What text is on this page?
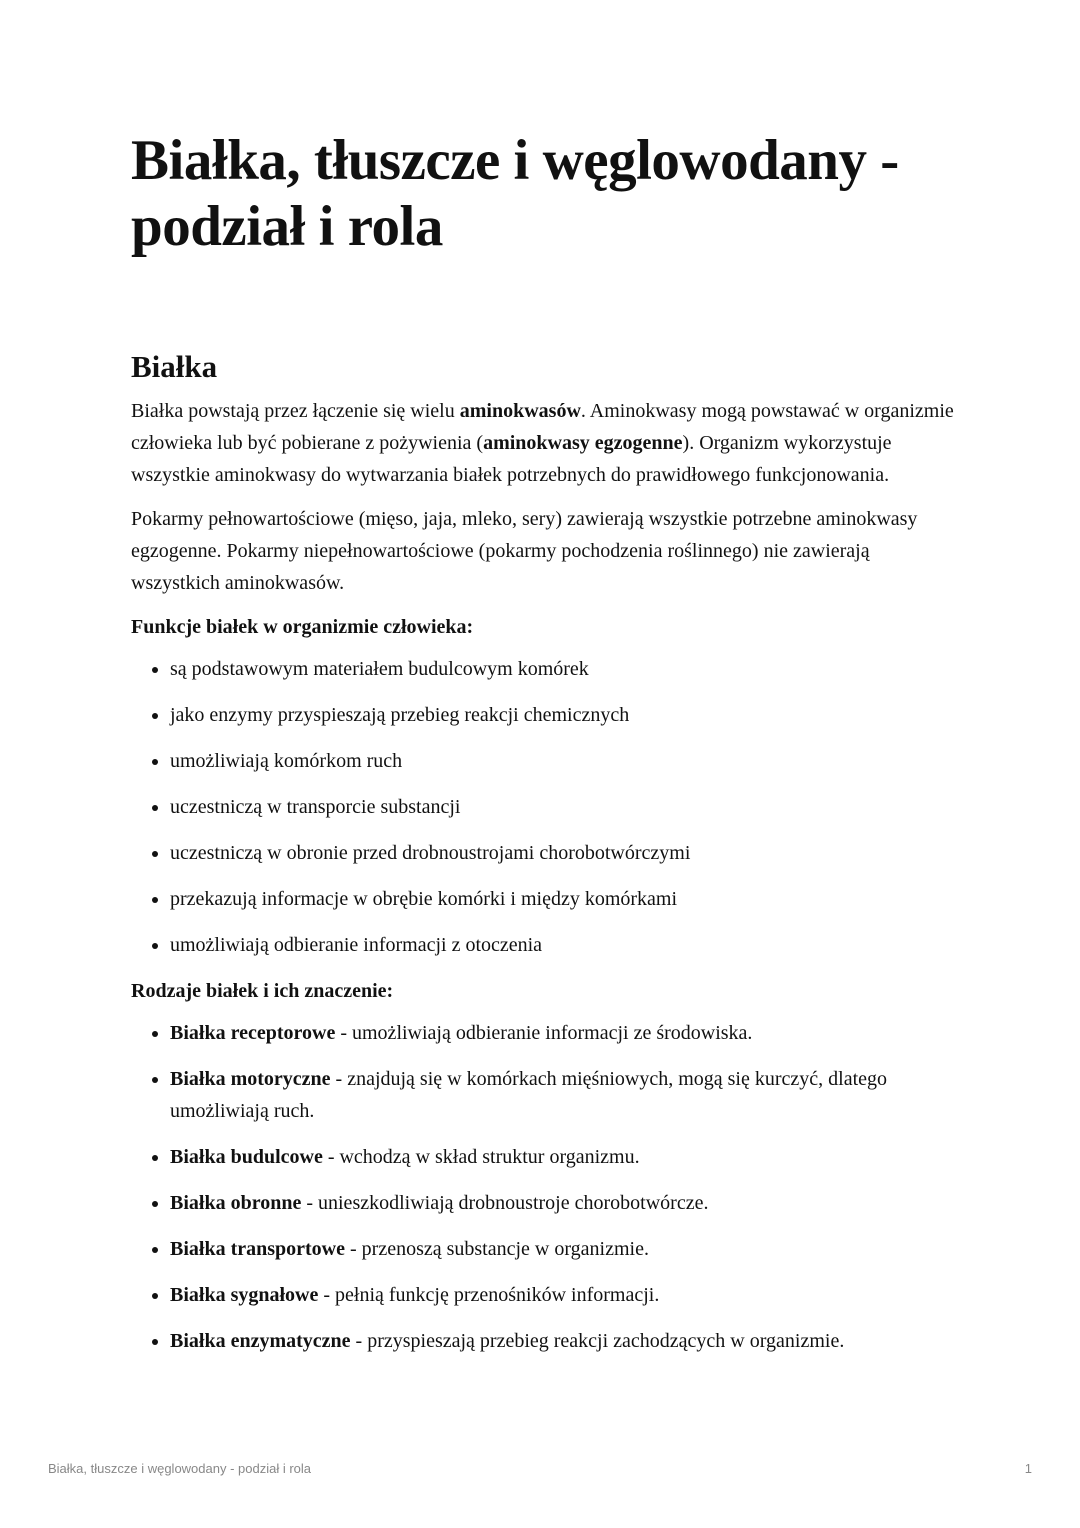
Białka, tłuszcze i węglowodany - podział i rola
Białka

Białka powstają przez łączenie się wielu aminokwasów. Aminokwasy mogą powstawać w organizmie człowieka lub być pobierane z pożywienia (aminokwasy egzogenne). Organizm wykorzystuje wszystkie aminokwasy do wytwarzania białek potrzebnych do prawidłowego funkcjonowania.

Pokarmy pełnowartościowe (mięso, jaja, mleko, sery) zawierają wszystkie potrzebne aminokwasy egzogenne. Pokarmy niepełnowartościowe (pokarmy pochodzenia roślinnego) nie zawierają wszystkich aminokwasów.

Funkcje białek w organizmie człowieka:

• są podstawowym materiałem budulcowym komórek
• jako enzymy przyspieszają przebieg reakcji chemicznych
• umożliwiają komórkom ruch
• uczestniczą w transporcie substancji
• uczestniczą w obronie przed drobnoustrojami chorobotwórczymi
• przekazują informacje w obrębie komórki i między komórkami
• umożliwiają odbieranie informacji z otoczenia

Rodzaje białek i ich znaczenie:

• Białka receptorowe - umożliwiają odbieranie informacji ze środowiska.
• Białka motoryczne - znajdują się w komórkach mięśniowych, mogą się kurczyć, dlatego umożliwiają ruch.
• Białka budulcowe - wchodzą w skład struktur organizmu.
• Białka obronne - unieszkodliwiają drobnoustroje chorobotwórcze.
• Białka transportowe - przenoszą substancje w organizmie.
• Białka sygnałowe - pełnią funkcję przenośników informacji.
• Białka enzymatyczne - przyspieszają przebieg reakcji zachodzących w organizmie.
Białka, tłuszcze i węglowodany - podział i rola	1
